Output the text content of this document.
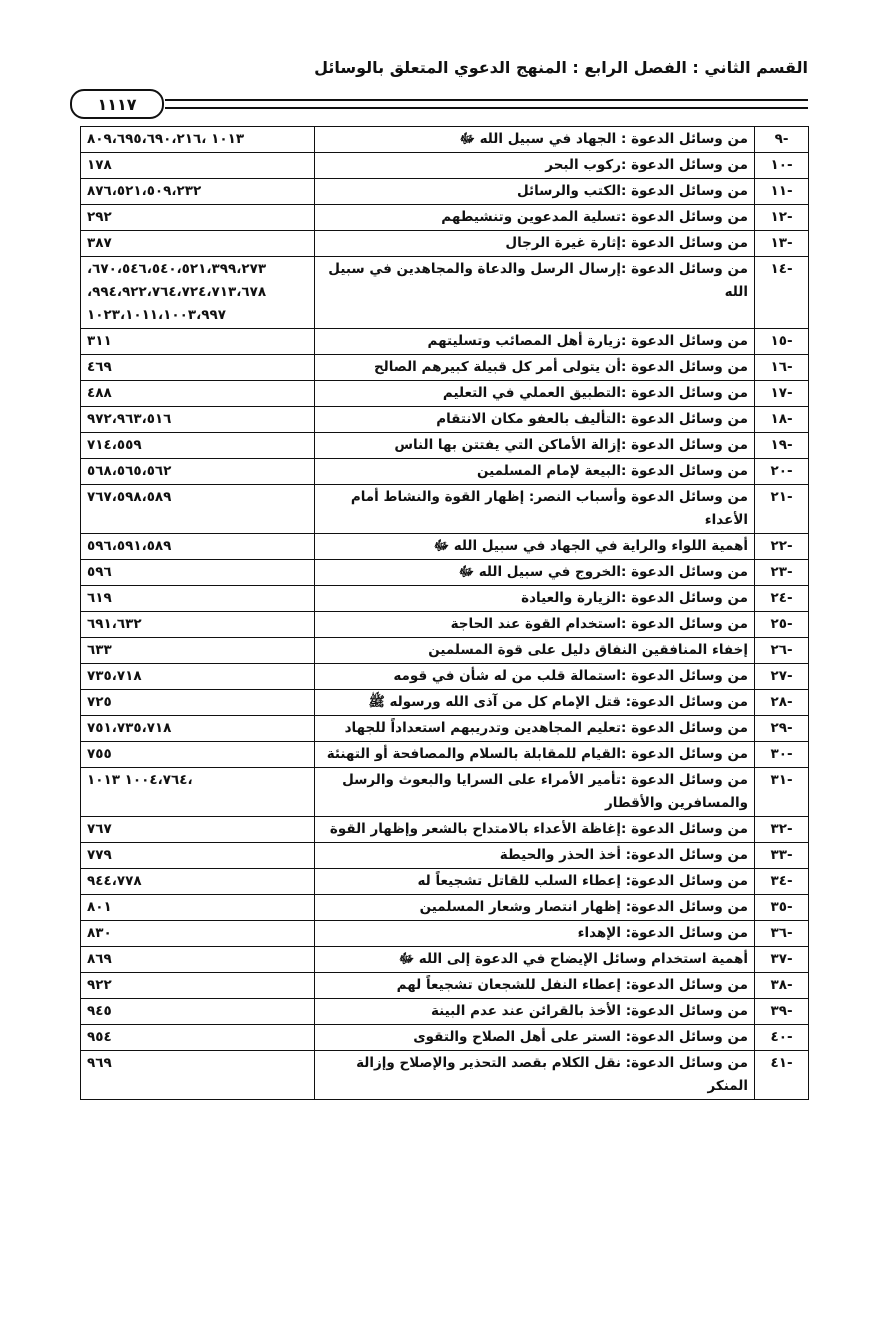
القسم الثاني : الفصل الرابع : المنهج الدعوي المتعلق بالوسائل
١١١٧
-٩	من وسائل الدعوة : الجهاد في سبيل الله ﷻ	١٠١٣ ،٨٠٩،٦٩٥،٦٩٠،٢١٦
-١٠	من وسائل الدعوة :ركوب البحر	١٧٨
-١١	من وسائل الدعوة :الكتب والرسائل	٨٧٦،٥٢١،٥٠٩،٢٣٢
-١٢	من وسائل الدعوة :تسلية المدعوين وتنشيطهم	٢٩٢
-١٣	من وسائل الدعوة :إثارة غيرة الرجال	٣٨٧
-١٤	من وسائل الدعوة :إرسال الرسل والدعاة والمجاهدين في سبيل الله	٦٧٠،٥٤٦،٥٤٠،٥٢١،٣٩٩،٢٧٣، ٩٩٤،٩٢٢،٧٦٤،٧٢٤،٧١٣،٦٧٨، ١٠٢٣،١٠١١،١٠٠٣،٩٩٧
-١٥	من وسائل الدعوة :زيارة أهل المصائب وتسليتهم	٣١١
-١٦	من وسائل الدعوة :أن يتولى أمر كل قبيلة كبيرهم الصالح	٤٦٩
-١٧	من وسائل الدعوة :التطبيق العملي في التعليم	٤٨٨
-١٨	من وسائل الدعوة :التأليف بالعفو مكان الانتقام	٩٧٢،٩٦٣،٥١٦
-١٩	من وسائل الدعوة :إزالة الأماكن التي يفتتن بها الناس	٧١٤،٥٥٩
-٢٠	من وسائل الدعوة :البيعة لإمام المسلمين	٥٦٨،٥٦٥،٥٦٢
-٢١	من وسائل الدعوة وأسباب النصر: إظهار القوة والنشاط أمام الأعداء	٧٦٧،٥٩٨،٥٨٩
-٢٢	أهمية اللواء والراية في الجهاد في سبيل الله ﷻ	٥٩٦،٥٩١،٥٨٩
-٢٣	من وسائل الدعوة :الخروج في سبيل الله ﷻ	٥٩٦
-٢٤	من وسائل الدعوة :الزيارة والعيادة	٦١٩
-٢٥	من وسائل الدعوة :استخدام القوة عند الحاجة	٦٩١،٦٣٢
-٢٦	إخفاء المنافقين النفاق دليل على قوة المسلمين	٦٣٣
-٢٧	من وسائل الدعوة :استمالة قلب من له شأن في قومه	٧٣٥،٧١٨
-٢٨	من وسائل الدعوة: قتل الإمام كل من آذى الله ورسوله ﷺ	٧٢٥
-٢٩	من وسائل الدعوة :تعليم المجاهدين وتدريبهم استعداداً للجهاد	٧٥١،٧٣٥،٧١٨
-٣٠	من وسائل الدعوة :القيام للمقابلة بالسلام والمصافحة أو التهنئة	٧٥٥
-٣١	من وسائل الدعوة :تأمير الأمراء على السرايا والبعوث والرسل والمسافرين والأقطار	،١٠٠٤،٧٦٤ ١٠١٣
-٣٢	من وسائل الدعوة :إغاظة الأعداء بالامتداح بالشعر وإظهار القوة	٧٦٧
-٣٣	من وسائل الدعوة: أخذ الحذر والحيطة	٧٧٩
-٣٤	من وسائل الدعوة: إعطاء السلب للقاتل تشجيعاً له	٩٤٤،٧٧٨
-٣٥	من وسائل الدعوة: إظهار انتصار وشعار المسلمين	٨٠١
-٣٦	من وسائل الدعوة: الإهداء	٨٣٠
-٣٧	أهمية استخدام وسائل الإيضاح في الدعوة إلى الله ﷻ	٨٦٩
-٣٨	من وسائل الدعوة: إعطاء النفل للشجعان تشجيعاً لهم	٩٢٢
-٣٩	من وسائل الدعوة: الأخذ بالقرائن عند عدم البينة	٩٤٥
-٤٠	من وسائل الدعوة: الستر على أهل الصلاح والتقوى	٩٥٤
-٤١	من وسائل الدعوة: نقل الكلام بقصد التحذير والإصلاح وإزالة المنكر	٩٦٩
